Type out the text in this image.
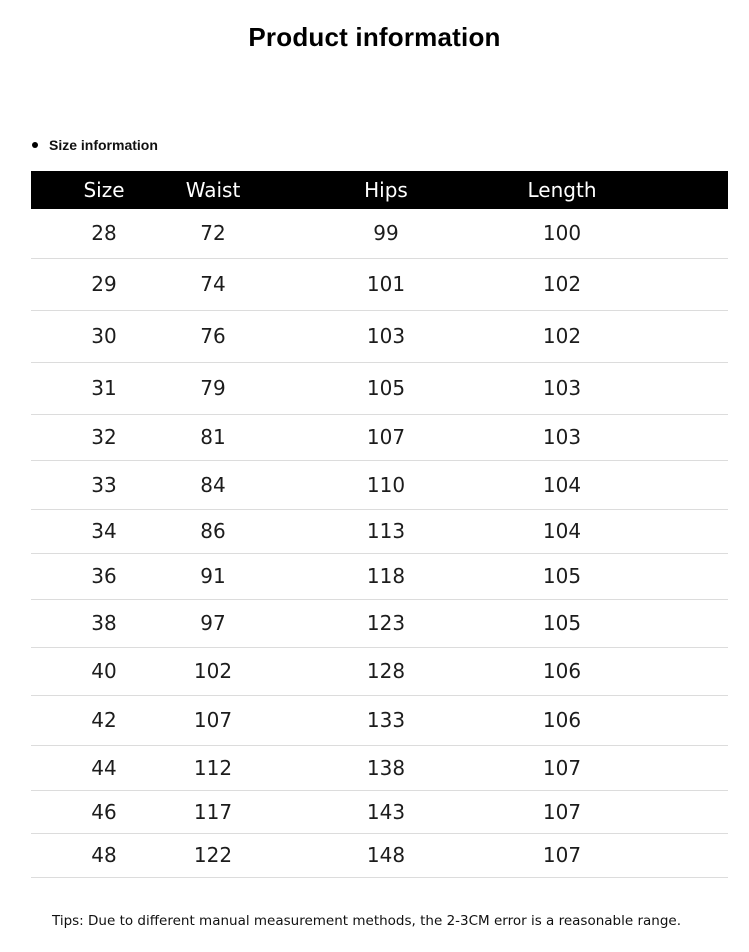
Product information
Size information
Size	Waist	Hips	Length
28	72	99	100
29	74	101	102
30	76	103	102
31	79	105	103
32	81	107	103
33	84	110	104
34	86	113	104
36	91	118	105
38	97	123	105
40	102	128	106
42	107	133	106
44	112	138	107
46	117	143	107
48	122	148	107
Tips: Due to different manual measurement methods, the 2-3CM error is a reasonable range.
